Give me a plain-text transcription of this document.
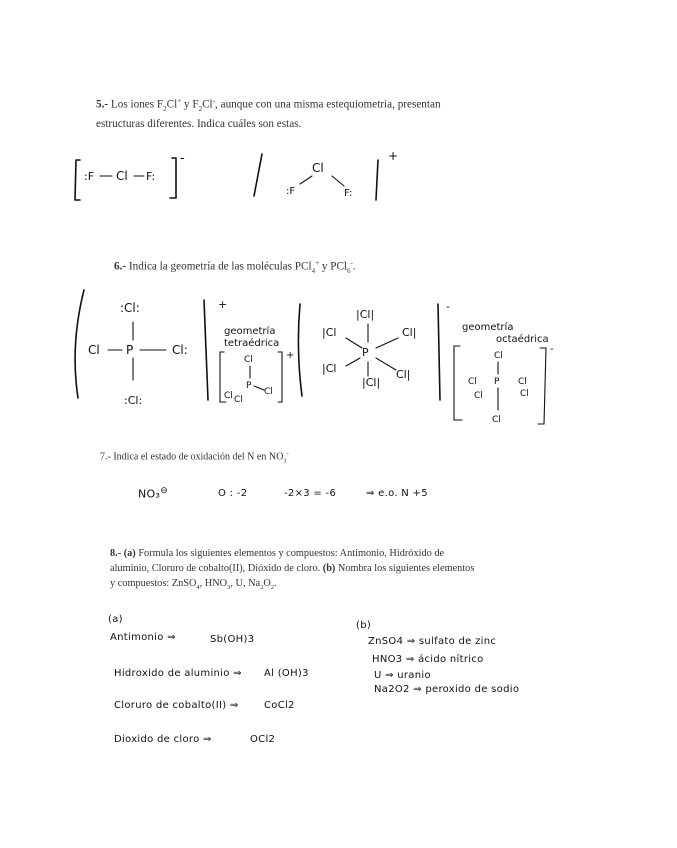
5.- Los iones $F_2Cl^+$ y $F_2Cl^-$, aunque con una misma estequiometria, presentan
estructuras diferentes. Indica cuáles son estas.
6.- Indica la geometría de las moléculas PCl$_4$+ y PCl$_6$-.
7.- Indica el estado de oxidación del N en $NO_3^-$
8.- (a) Formula los siguientes elementos y compuestos: Antimonio, Hidróxido de
aluminio, Cloruro de cobalto(II), Dióxido de cloro. (b) Nombra los siguientes elementos
y compuestos: ZnSO$_4$, $HNO_3$, U, $Na_2O_2$.
:F Cl F:
-
Cl
:F	F:
+
:Cl:
Cl P	Cl:
:Cl:
+
geometría
tetraédrica
Cl
P
Cl
Cl Cl
+
|Cl|
|Cl	Cl|
P
|Cl	Cl|
|Cl|
-
geometría
octaédrica
Cl
Cl P Cl
Cl	Cl
Cl
-
NO₃⊖	O : -2	-2×3 = -6	⇒ e.o. N +5
(a)
Antimonio ⇒	Sb(OH)3
Hidroxido de aluminio ⇒ Al (OH)3
Cloruro de cobalto(II) ⇒	CoCl2
Dioxido de cloro ⇒	OCl2
(b)
ZnSO4 ⇒ sulfato de zinc
HNO3 ⇒ ácido nítrico
U ⇒ uranio
Na2O2 ⇒ peroxido de sodio
